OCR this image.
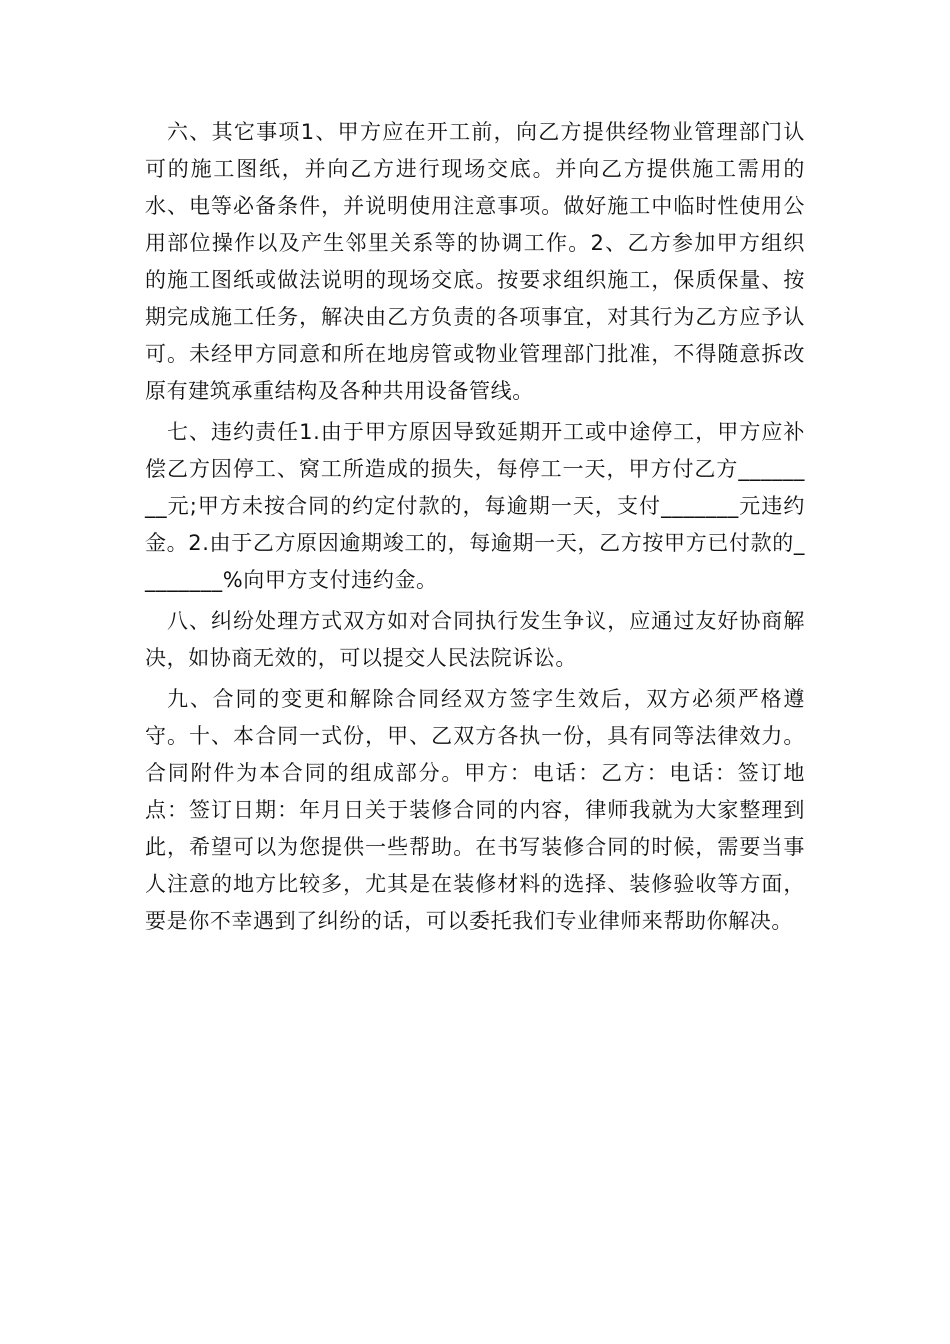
六、其它事项1、甲方应在开工前，向乙方提供经物业管理部门认可的施工图纸，并向乙方进行现场交底。并向乙方提供施工需用的水、电等必备条件，并说明使用注意事项。做好施工中临时性使用公用部位操作以及产生邻里关系等的协调工作。2、乙方参加甲方组织的施工图纸或做法说明的现场交底。按要求组织施工，保质保量、按期完成施工任务，解决由乙方负责的各项事宜，对其行为乙方应予认可。未经甲方同意和所在地房管或物业管理部门批准，不得随意拆改原有建筑承重结构及各种共用设备管线。

七、违约责任1.由于甲方原因导致延期开工或中途停工，甲方应补偿乙方因停工、窝工所造成的损失，每停工一天，甲方付乙方________元;甲方未按合同的约定付款的，每逾期一天，支付_______元违约金。2.由于乙方原因逾期竣工的，每逾期一天，乙方按甲方已付款的________%向甲方支付违约金。

八、纠纷处理方式双方如对合同执行发生争议，应通过友好协商解决，如协商无效的，可以提交人民法院诉讼。

九、合同的变更和解除合同经双方签字生效后，双方必须严格遵守。十、本合同一式份，甲、乙双方各执一份，具有同等法律效力。合同附件为本合同的组成部分。甲方：电话：乙方：电话：签订地点：签订日期：年月日关于装修合同的内容，律师我就为大家整理到此，希望可以为您提供一些帮助。在书写装修合同的时候，需要当事人注意的地方比较多，尤其是在装修材料的选择、装修验收等方面，要是你不幸遇到了纠纷的话，可以委托我们专业律师来帮助你解决。
